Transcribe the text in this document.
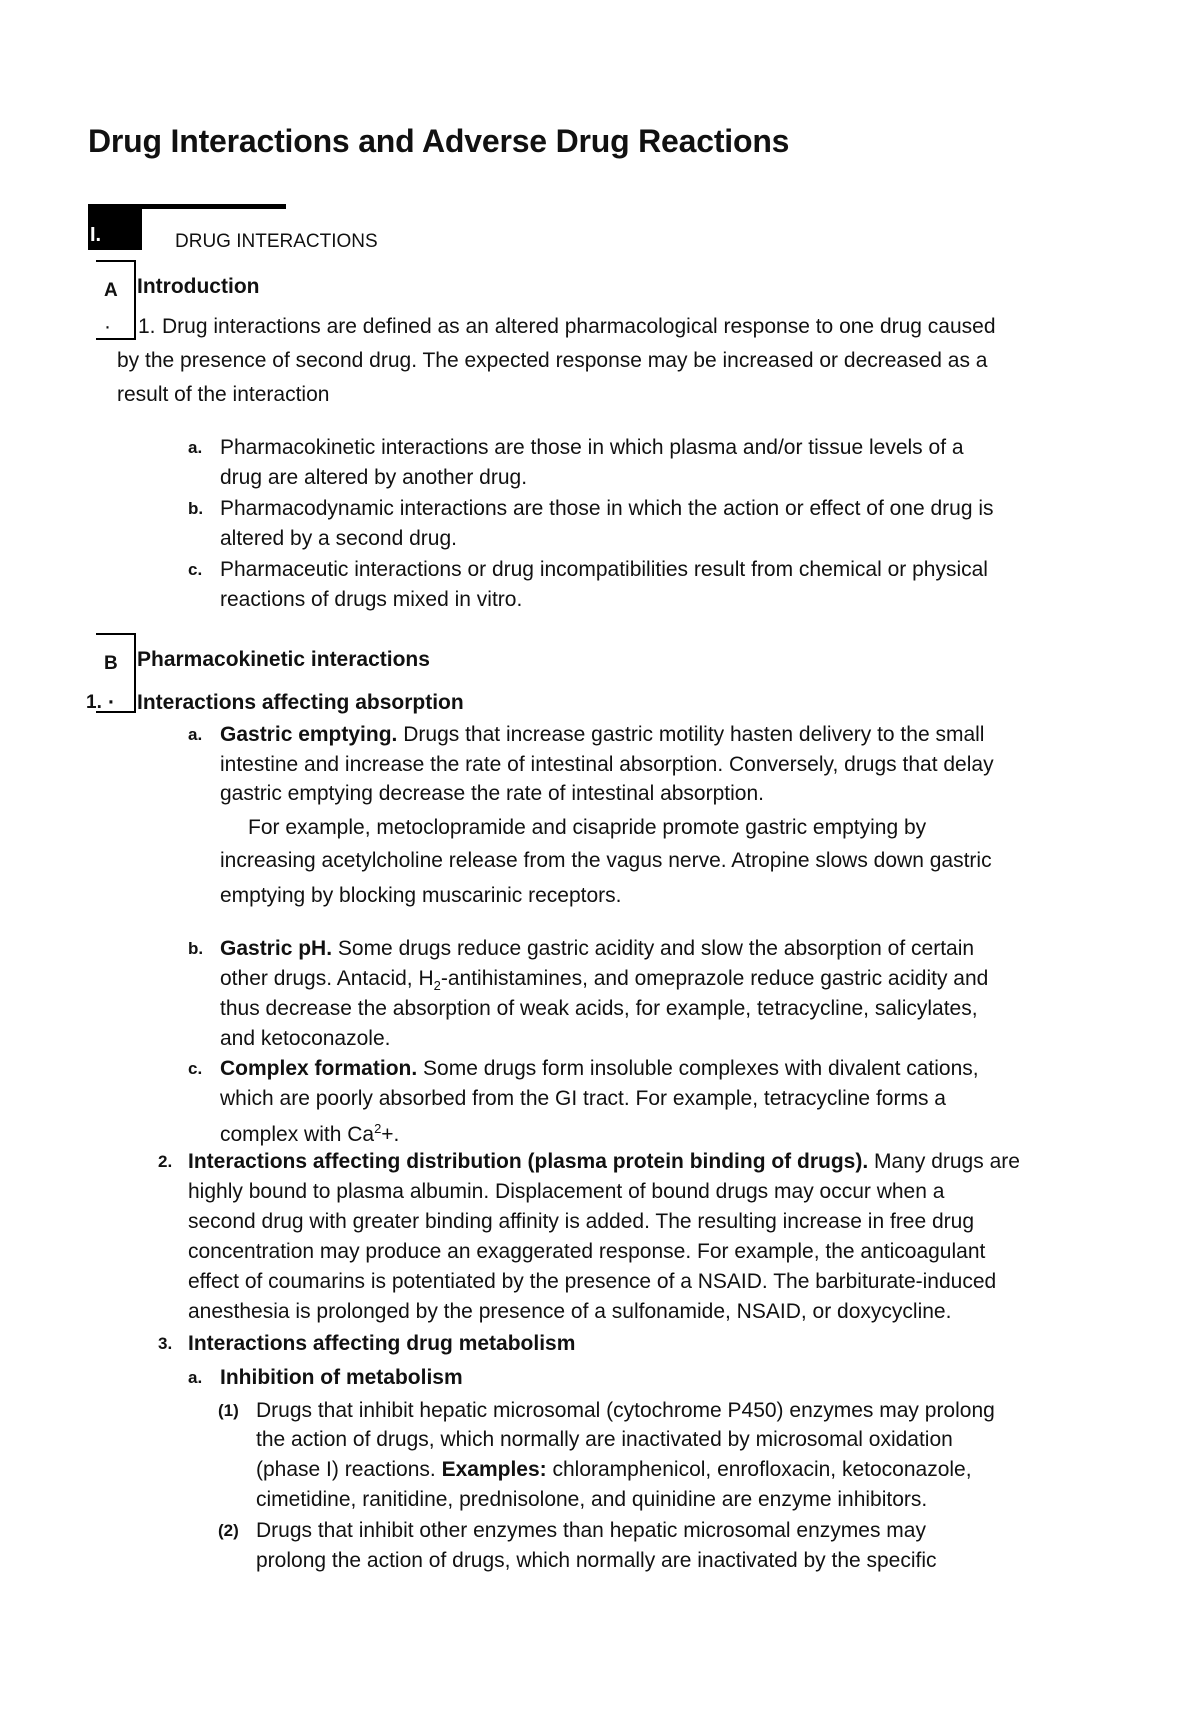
Drug Interactions and Adverse Drug Reactions
I.	DRUG INTERACTIONS
A Introduction
· 1. Drug interactions are defined as an altered pharmacological response to one drug caused
by the presence of second drug. The expected response may be increased or decreased as a
result of the interaction
a. Pharmacokinetic interactions are those in which plasma and/or tissue levels of a
drug are altered by another drug.
b. Pharmacodynamic interactions are those in which the action or effect of one drug is
altered by a second drug.
c. Pharmaceutic interactions or drug incompatibilities result from chemical or physical
reactions of drugs mixed in vitro.
B Pharmacokinetic interactions
1. · Interactions affecting absorption
a. Gastric emptying. Drugs that increase gastric motility hasten delivery to the small
intestine and increase the rate of intestinal absorption. Conversely, drugs that delay
gastric emptying decrease the rate of intestinal absorption.
For example, metoclopramide and cisapride promote gastric emptying by
increasing acetylcholine release from the vagus nerve. Atropine slows down gastric
emptying by blocking muscarinic receptors.
b. Gastric pH. Some drugs reduce gastric acidity and slow the absorption of certain
other drugs. Antacid, $H_2$-antihistamines, and omeprazole reduce gastric acidity and
thus decrease the absorption of weak acids, for example, tetracycline, salicylates,
and ketoconazole.
c. Complex formation. Some drugs form insoluble complexes with divalent cations,
which are poorly absorbed from the GI tract. For example, tetracycline forms a
complex with $Ca^2+$.
2. Interactions affecting distribution (plasma protein binding of drugs). Many drugs are
highly bound to plasma albumin. Displacement of bound drugs may occur when a
second drug with greater binding affinity is added. The resulting increase in free drug
concentration may produce an exaggerated response. For example, the anticoagulant
effect of coumarins is potentiated by the presence of a NSAID. The barbiturate-induced
anesthesia is prolonged by the presence of a sulfonamide, NSAID, or doxycycline.
3. Interactions affecting drug metabolism
a. Inhibition of metabolism
(1) Drugs that inhibit hepatic microsomal (cytochrome P450) enzymes may prolong
the action of drugs, which normally are inactivated by microsomal oxidation
(phase I) reactions. Examples: chloramphenicol, enrofloxacin, ketoconazole,
cimetidine, ranitidine, prednisolone, and quinidine are enzyme inhibitors.
(2) Drugs that inhibit other enzymes than hepatic microsomal enzymes may
prolong the action of drugs, which normally are inactivated by the specific
